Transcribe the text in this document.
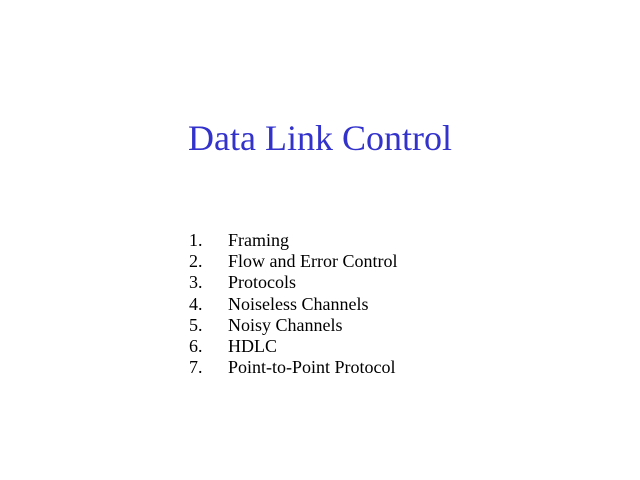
Data Link Control
1.	Framing
2.	Flow and Error Control
3.	Protocols
4.	Noiseless Channels
5.	Noisy Channels
6.	HDLC
7.	Point-to-Point Protocol
